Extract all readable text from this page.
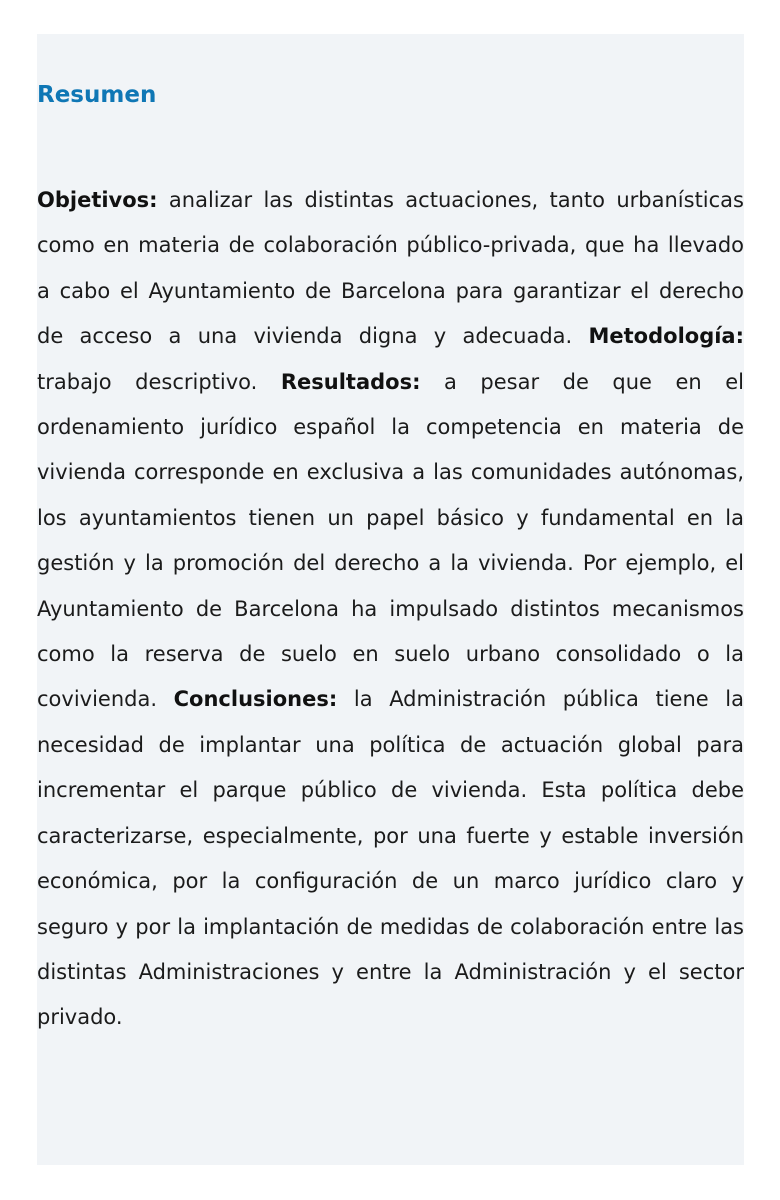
Resumen

Objetivos: analizar las distintas actuaciones, tanto urbanísticas como en materia de colaboración público-​privada, que ha llevado a cabo el Ayuntamiento de Barcelona para garantizar el derecho de acceso a una vivienda digna y adecuada. Metodología: trabajo descriptivo. Resultados: a pesar de que en el ordenamiento jurídico español la competencia en materia de vivienda corresponde en exclusiva a las comunidades autónomas, los ayuntamientos tienen un papel básico y fundamental en la gestión y la promoción del derecho a la vivienda. Por ejemplo, el Ayuntamiento de Barcelona ha impulsado distintos mecanismos como la reserva de suelo en suelo urbano consolidado o la covivienda. Conclusiones: la Administración pública tiene la necesidad de implantar una política de actuación global para incrementar el parque público de vivienda. Esta política debe caracterizarse, especialmente, por una fuerte y estable inversión económica, por la configuración de un marco jurídico claro y seguro y por la implantación de medidas de colaboración entre las distintas Administraciones y entre la Administración y el sector privado.
